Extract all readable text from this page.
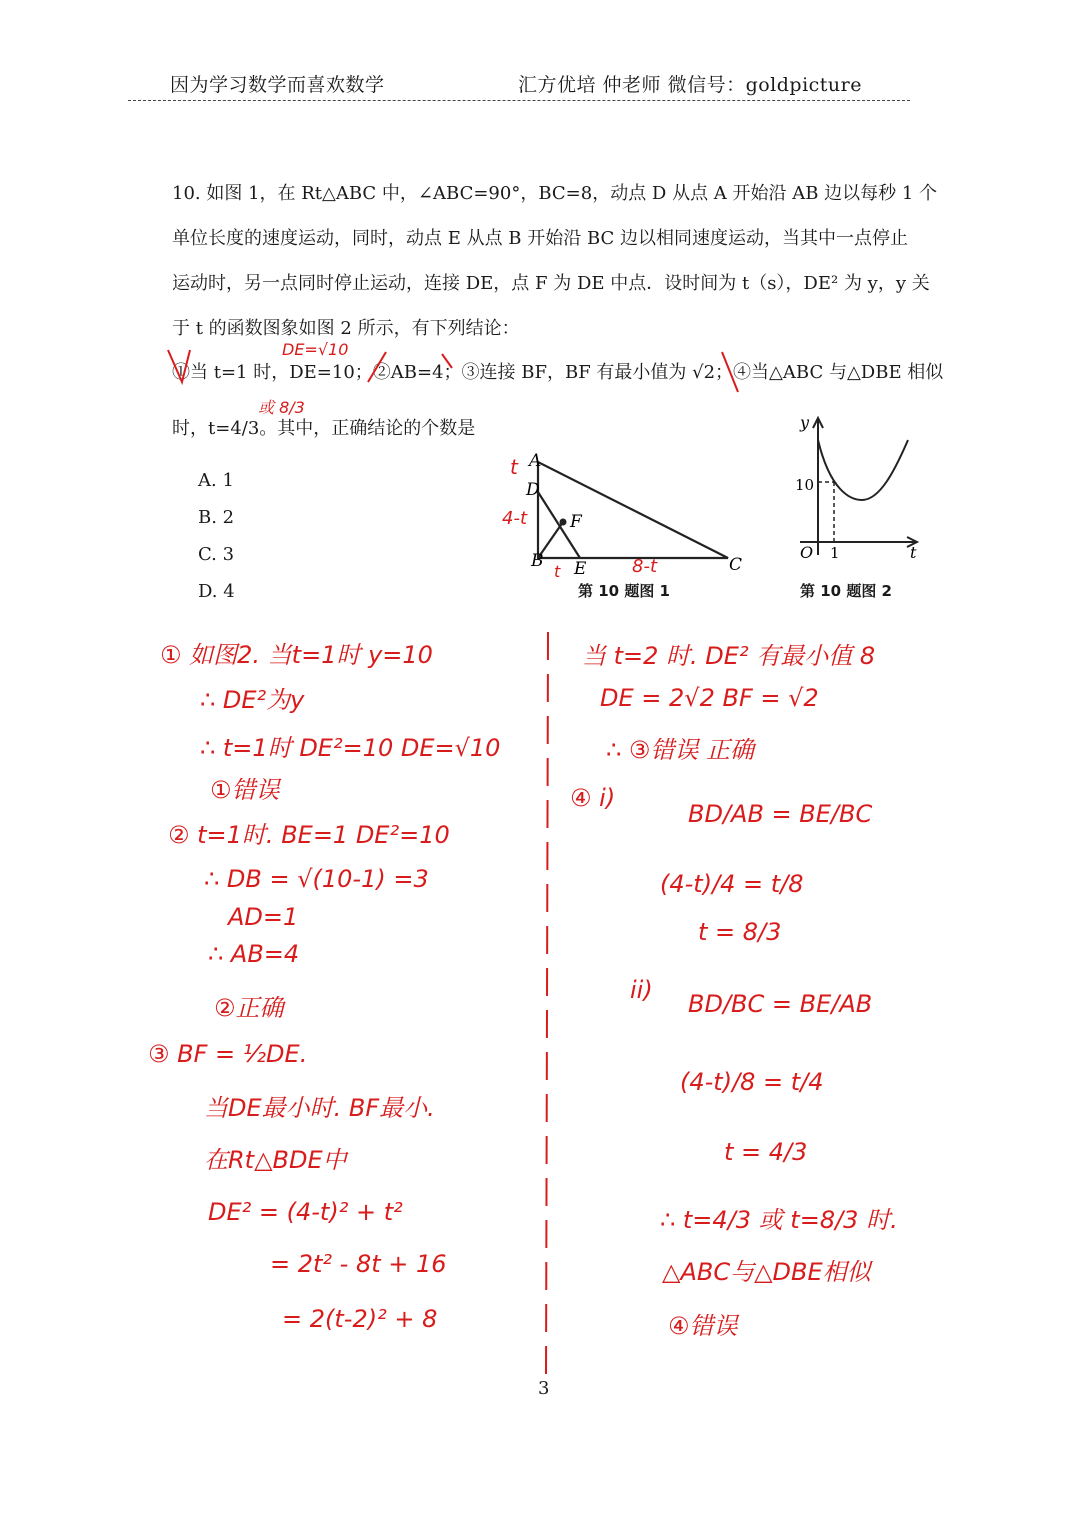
因为学习数学而喜欢数学	汇方优培 仲老师 微信号：goldpicture
10. 如图 1，在 Rt△ABC 中，∠ABC=90°，BC=8，动点 D 从点 A 开始沿 AB 边以每秒 1 个
单位长度的速度运动，同时，动点 E 从点 B 开始沿 BC 边以相同速度运动，当其中一点停止
运动时，另一点同时停止运动，连接 DE，点 F 为 DE 中点．设时间为 t（s），DE² 为 y，y 关
于 t 的函数图象如图 2 所示，有下列结论：
①当 t=1 时，DE=10；②AB=4；③连接 BF，BF 有最小值为 √2；④当△ABC 与△DBE 相似
时，t=4/3。其中，正确结论的个数是
A. 1
B. 2
C. 3
D. 4
A
D
B E
F
C
y
t
O
10
1
第 10 题图 1	第 10 题图 2
DE=√10
或 8/3
t
4-t
t	8-t
① 如图2. 当t=1时 y=10
∴ DE²为y
∴ t=1时 DE²=10 DE=√10
①错误
② t=1时. BE=1 DE²=10
∴ DB = √(10-1) =3
AD=1
∴ AB=4
②正确
③ BF = ½DE.
当DE最小时. BF最小.
在Rt△BDE中
DE² = (4-t)² + t²
= 2t² - 8t + 16
= 2(t-2)² + 8
当 t=2 时. DE² 有最小值 8
DE = 2√2 BF = √2
∴ ③错误 正确
④ i)
BD/AB = BE/BC
(4-t)/4 = t/8
t = 8/3
ii) BD/BC = BE/AB
(4-t)/8 = t/4
t = 4/3
∴ t=4/3 或 t=8/3 时.
△ABC与△DBE相似
④错误
3
